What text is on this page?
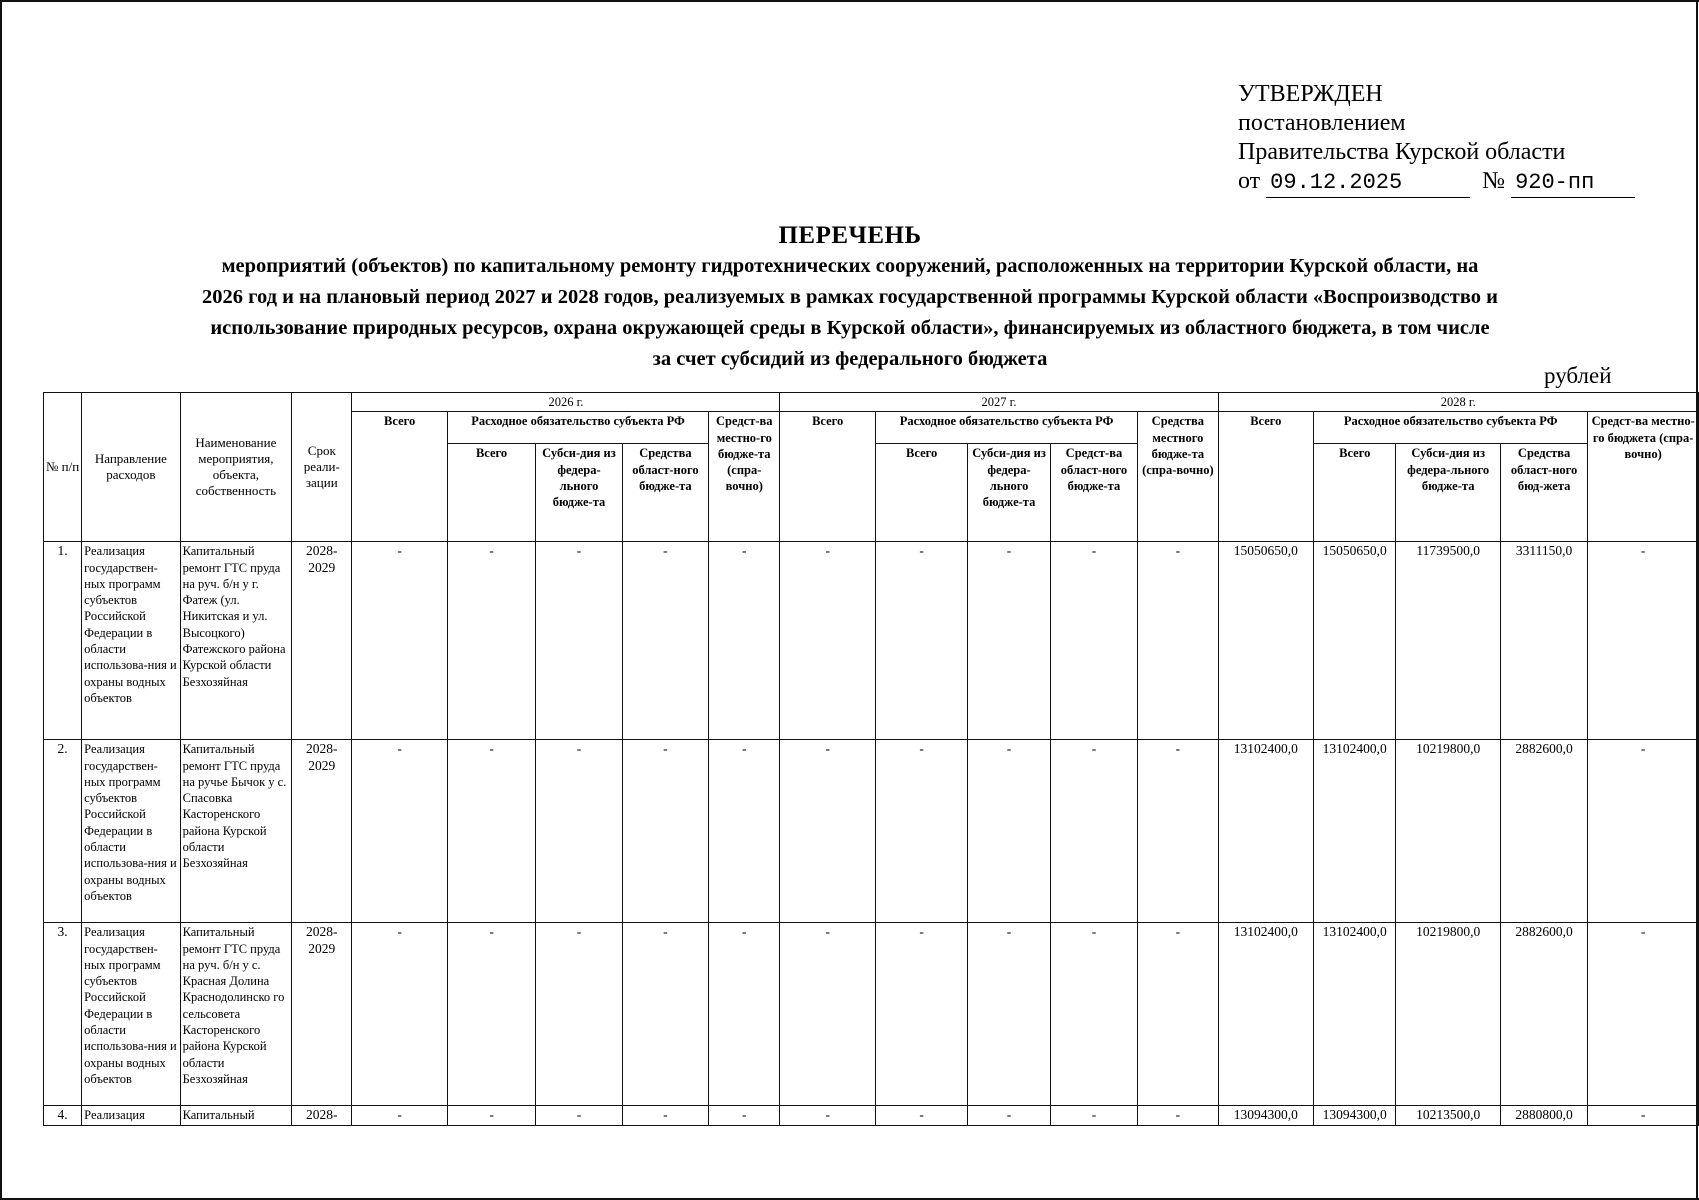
УТВЕРЖДЕН
постановлением
Правительства Курской области
от 09.12.2025	№ 920-пп
ПЕРЕЧЕНЬ
мероприятий (объектов) по капитальному ремонту гидротехнических сооружений, расположенных на территории Курской области, на
2026 год и на плановый период 2027 и 2028 годов, реализуемых в рамках государственной программы Курской области «Воспроизводство и
использование природных ресурсов, охрана окружающей среды в Курской области», финансируемых из областного бюджета, в том числе
за счет субсидий из федерального бюджета
рублей
№ п/п	Направление расходов	Наименование мероприятия, объекта, собственность	Срок реали-зации	2026 г.					2027 г.					2028 г.				
				Всего	Расходное обязательство субъекта РФ			Средст-ва местно-го бюдже-та (спра-вочно)	Всего	Расходное обязательство субъекта РФ			Средства местного бюдже-та (спра-вочно)	Всего	Расходное обязательство субъекта РФ			Средст-ва местно-го бюджета (спра-вочно)
					Всего	Субси-дия из федера-льного бюдже-та	Средства област-ного бюдже-та			Всего	Субси-дия из федера-льного бюдже-та	Средст-ва област-ного бюдже-та			Всего	Субси-дия из федера-льного бюдже-та	Средства област-ного бюд-жета	
1.	Реализация государствен-ных программ субъектов Российской Федерации в области использова-ния и охраны водных объектов	Капитальный ремонт ГТС пруда на руч. б/н у г. Фатеж (ул. Никитская и ул. Высоцкого) Фатежского района Курской области Безхозяйная	2028-2029	-	-	-	-	-	-	-	-	-	-	15050650,0	15050650,0	11739500,0	3311150,0	-
2.	Реализация государствен-ных программ субъектов Российской Федерации в области использова-ния и охраны водных объектов	Капитальный ремонт ГТС пруда на ручье Бычок у с. Спасовка Касторенского района Курской области Безхозяйная	2028-2029	-	-	-	-	-	-	-	-	-	-	13102400,0	13102400,0	10219800,0	2882600,0	-
3.	Реализация государствен-ных программ субъектов Российской Федерации в области использова-ния и охраны водных объектов	Капитальный ремонт ГТС пруда на руч. б/н у с. Красная Долина Краснодолинско го сельсовета Касторенского района Курской области Безхозяйная	2028-2029	-	-	-	-	-	-	-	-	-	-	13102400,0	13102400,0	10219800,0	2882600,0	-
4.	Реализация	Капитальный	2028-	-	-	-	-	-	-	-	-	-	-	13094300,0	13094300,0	10213500,0	2880800,0	-
